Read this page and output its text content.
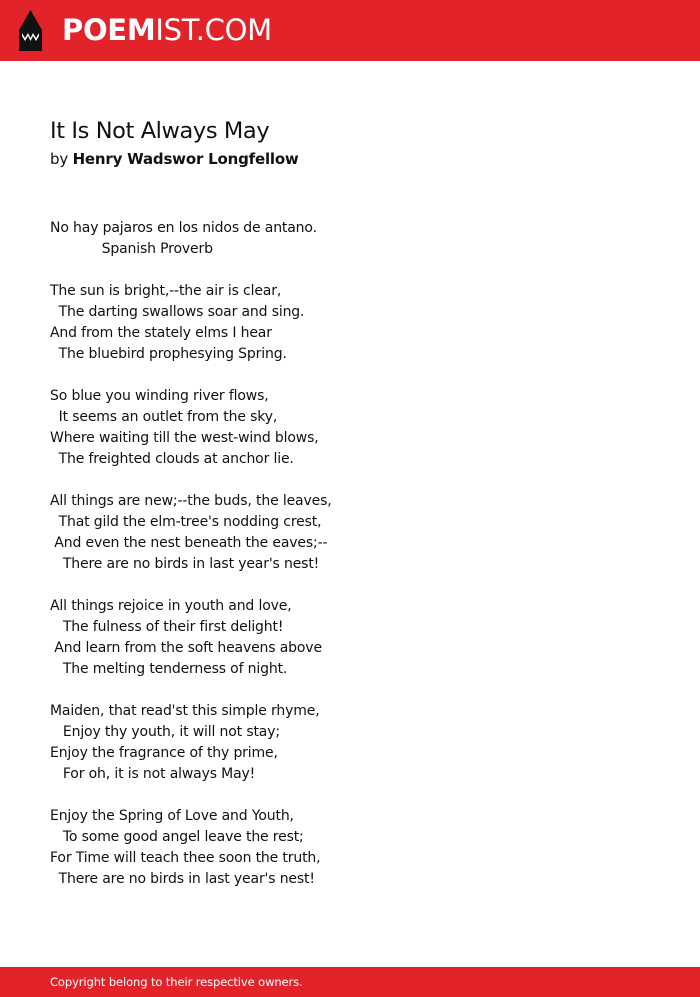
POEMIST.COM
It Is Not Always May
by Henry Wadswor Longfellow
No hay pajaros en los nidos de antano.
Spanish Proverb

The sun is bright,--the air is clear,
The darting swallows soar and sing.
And from the stately elms I hear
The bluebird prophesying Spring.

So blue you winding river flows,
It seems an outlet from the sky,
Where waiting till the west-wind blows,
The freighted clouds at anchor lie.

All things are new;--the buds, the leaves,
That gild the elm-tree's nodding crest,
And even the nest beneath the eaves;--
There are no birds in last year's nest!

All things rejoice in youth and love,
The fulness of their first delight!
And learn from the soft heavens above
The melting tenderness of night.

Maiden, that read'st this simple rhyme,
Enjoy thy youth, it will not stay;
Enjoy the fragrance of thy prime,
For oh, it is not always May!

Enjoy the Spring of Love and Youth,
To some good angel leave the rest;
For Time will teach thee soon the truth,
There are no birds in last year's nest!
Copyright belong to their respective owners.
